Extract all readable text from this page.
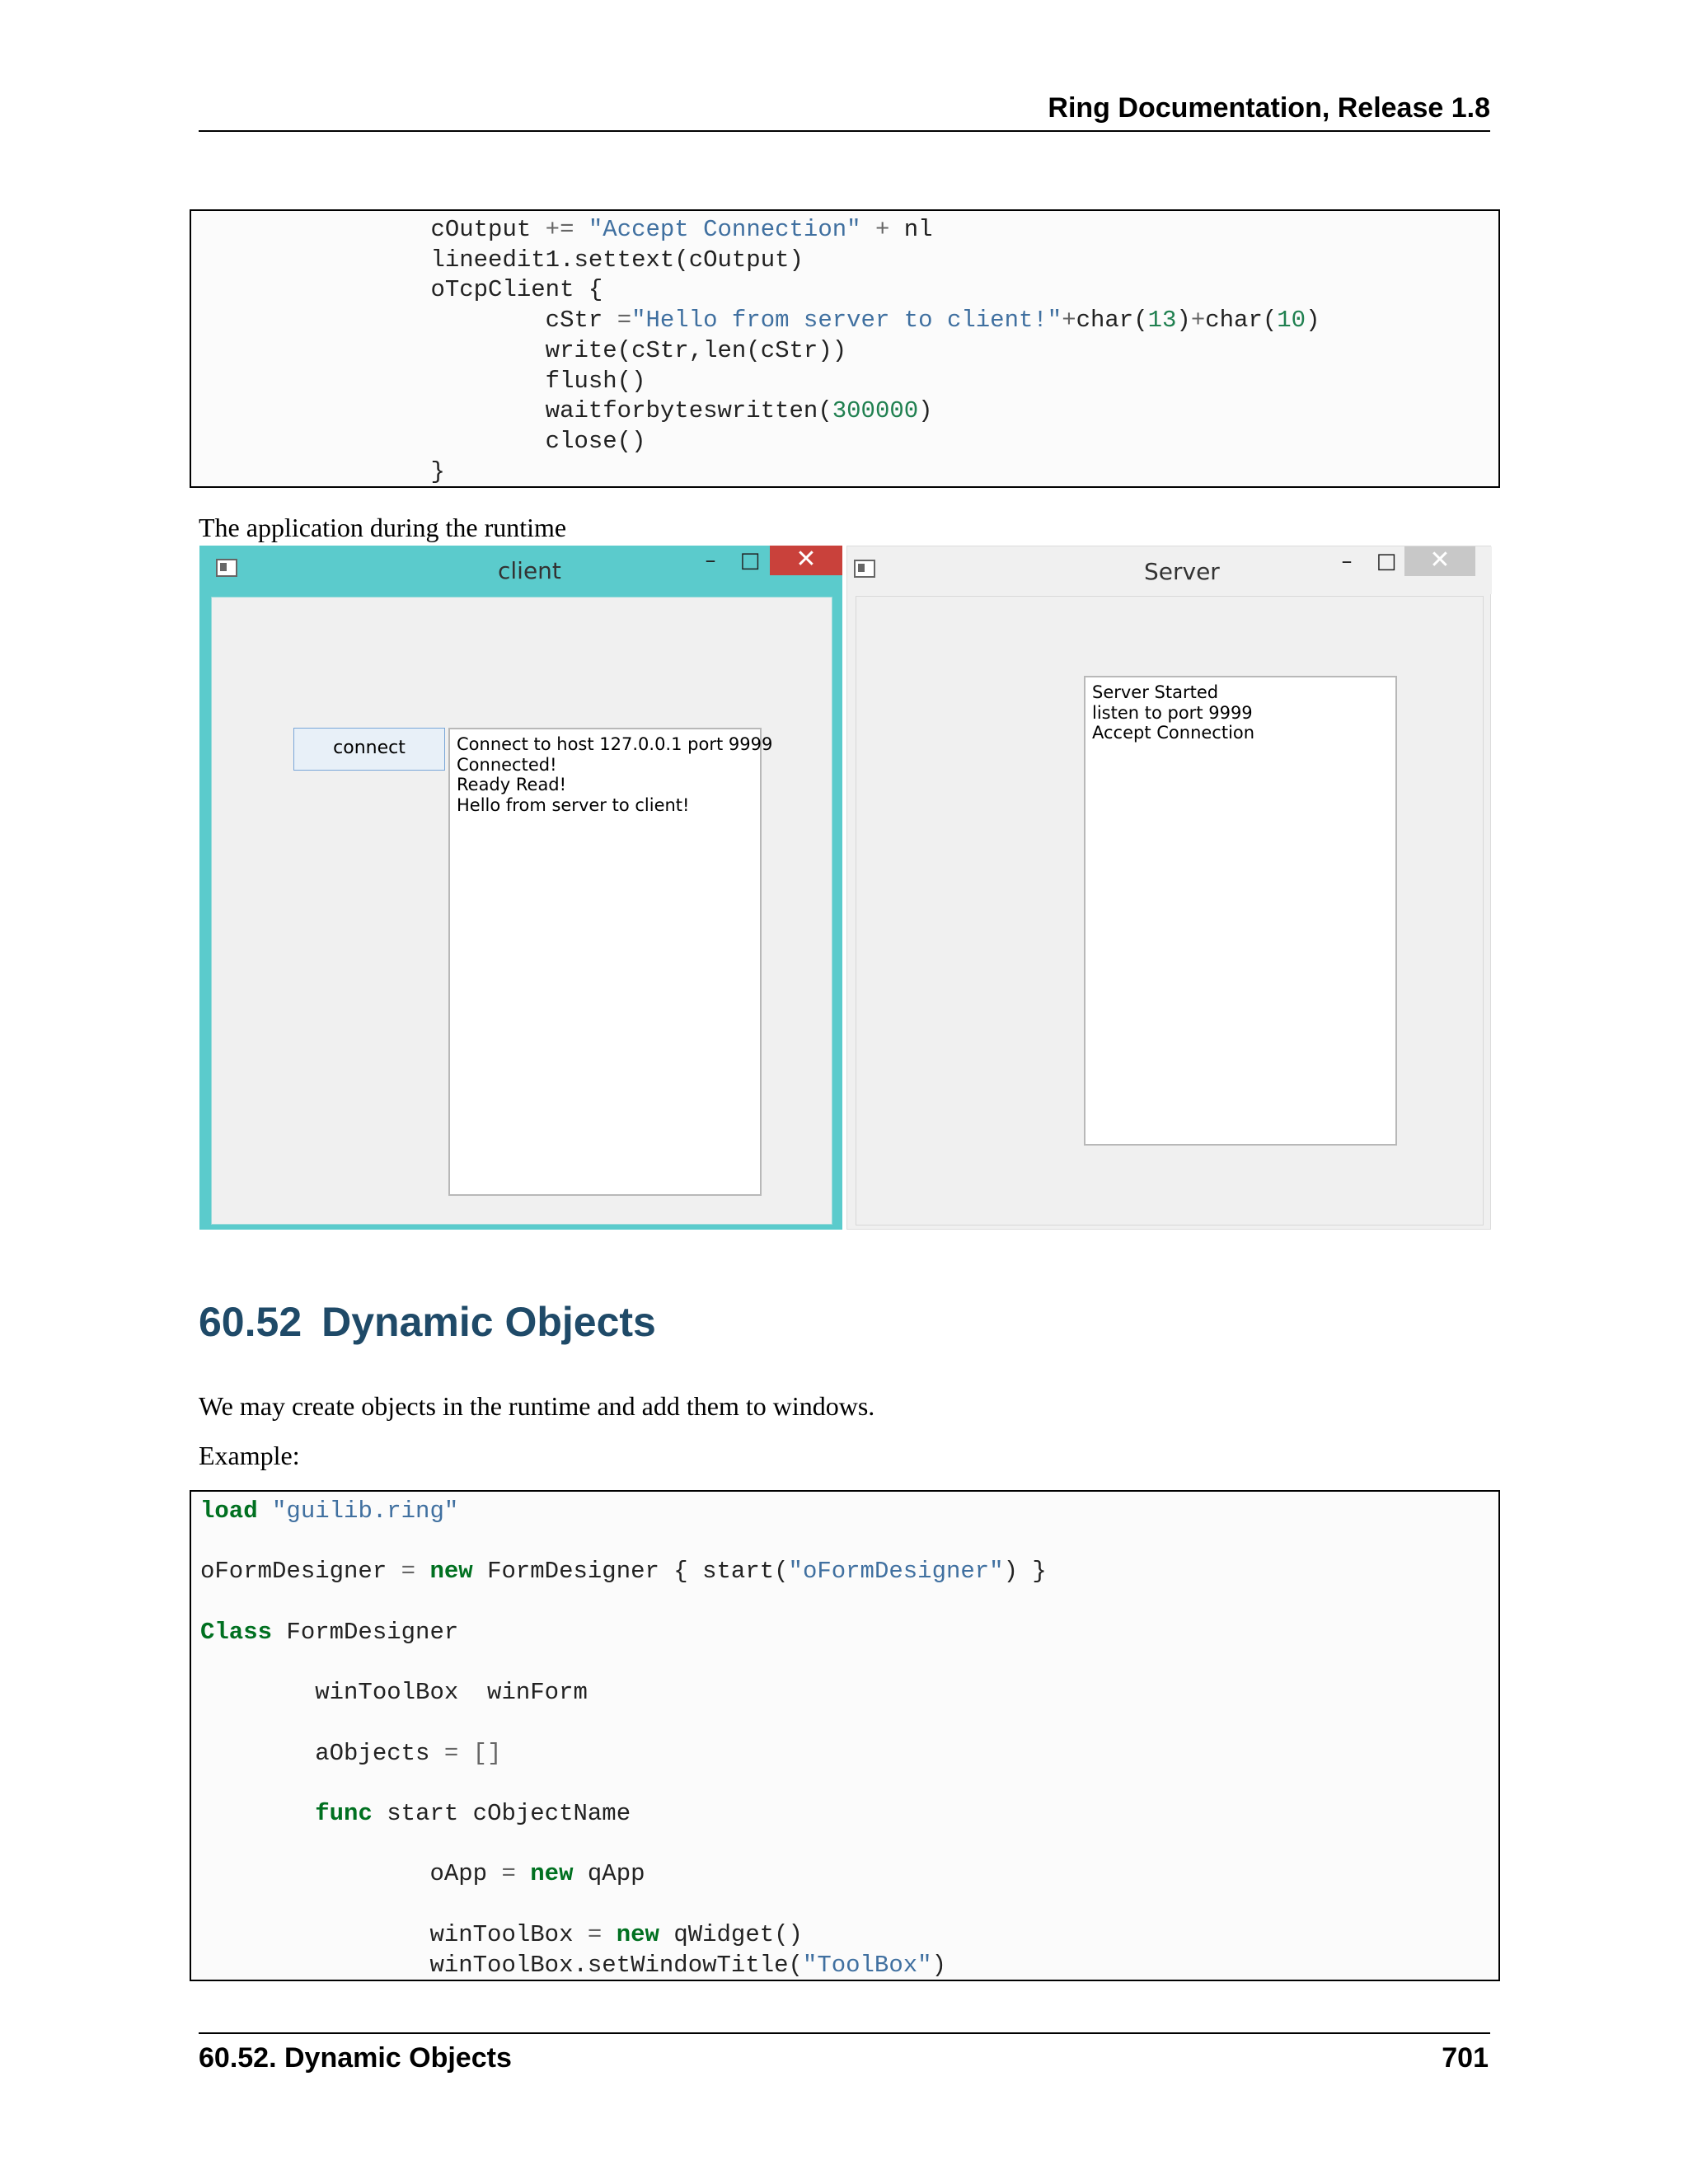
Ring Documentation, Release 1.8
cOutput += "Accept Connection" + nl
lineedit1.settext(cOutput)
oTcpClient {
cStr ="Hello from server to client!"+char(13)+char(10)
write(cStr,len(cStr))
flush()
waitforbyteswritten(300000)
close()
}
The application during the runtime
client	–	□	✕
connect	Connect to host 127.0.0.1 port 9999
Connected!
Ready Read!
Hello from server to client!
Server	–	□	✕
Server Started
listen to port 9999
Accept Connection
60.52 Dynamic Objects
We may create objects in the runtime and add them to windows.
Example:
load "guilib.ring"

oFormDesigner = new FormDesigner { start("oFormDesigner") }

Class FormDesigner

winToolBox  winForm

aObjects = []

func start cObjectName

oApp = new qApp

winToolBox = new qWidget()
winToolBox.setWindowTitle("ToolBox")
60.52. Dynamic Objects	701
